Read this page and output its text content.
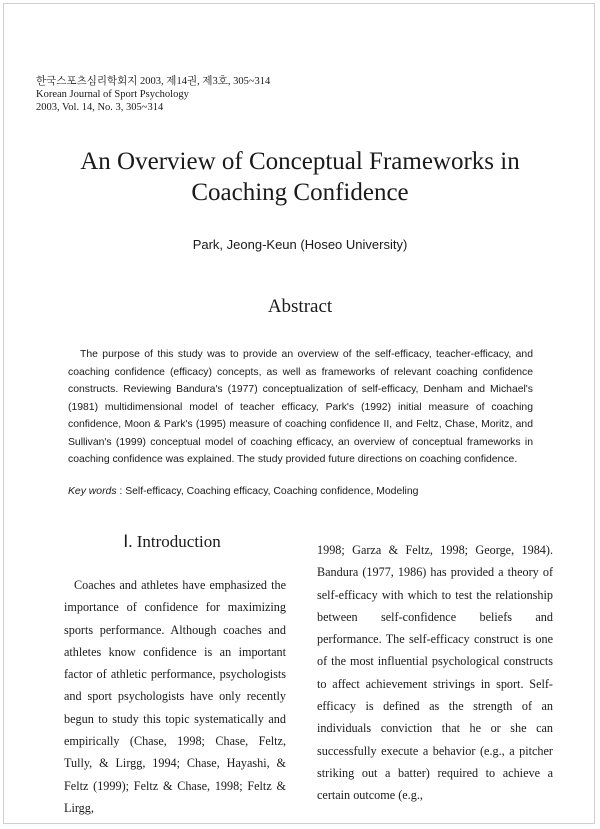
한국스포츠심리학회지 2003, 제14권, 제3호, 305~314
Korean Journal of Sport Psychology
2003, Vol. 14, No. 3, 305~314
An Overview of Conceptual Frameworks in
Coaching Confidence
Park, Jeong-Keun (Hoseo University)
Abstract
The purpose of this study was to provide an overview of the self-efficacy, teacher-efficacy, and coaching confidence (efficacy) concepts, as well as frameworks of relevant coaching confidence constructs. Reviewing Bandura's (1977) conceptualization of self-efficacy, Denham and Michael's (1981) multidimensional model of teacher efficacy, Park's (1992) initial measure of coaching confidence, Moon & Park's (1995) measure of coaching confidence II, and Feltz, Chase, Moritz, and Sullivan's (1999) conceptual model of coaching efficacy, an overview of conceptual frameworks in coaching confidence was explained. The study provided future directions on coaching confidence.
Key words : Self-efficacy, Coaching efficacy, Coaching confidence, Modeling
Ⅰ. Introduction
Coaches and athletes have emphasized the importance of confidence for maximizing sports performance. Although coaches and athletes know confidence is an important factor of athletic performance, psychologists and sport psychologists have only recently begun to study this topic systematically and empirically (Chase, 1998; Chase, Feltz, Tully, & Lirgg, 1994; Chase, Hayashi, & Feltz (1999); Feltz & Chase, 1998; Feltz & Lirgg,
1998; Garza & Feltz, 1998; George, 1984). Bandura (1977, 1986) has provided a theory of self-efficacy with which to test the relationship between self-confidence beliefs and performance. The self-efficacy construct is one of the most influential psychological constructs to affect achievement strivings in sport. Self-efficacy is defined as the strength of an individuals conviction that he or she can successfully execute a behavior (e.g., a pitcher striking out a batter) required to achieve a certain outcome (e.g.,
